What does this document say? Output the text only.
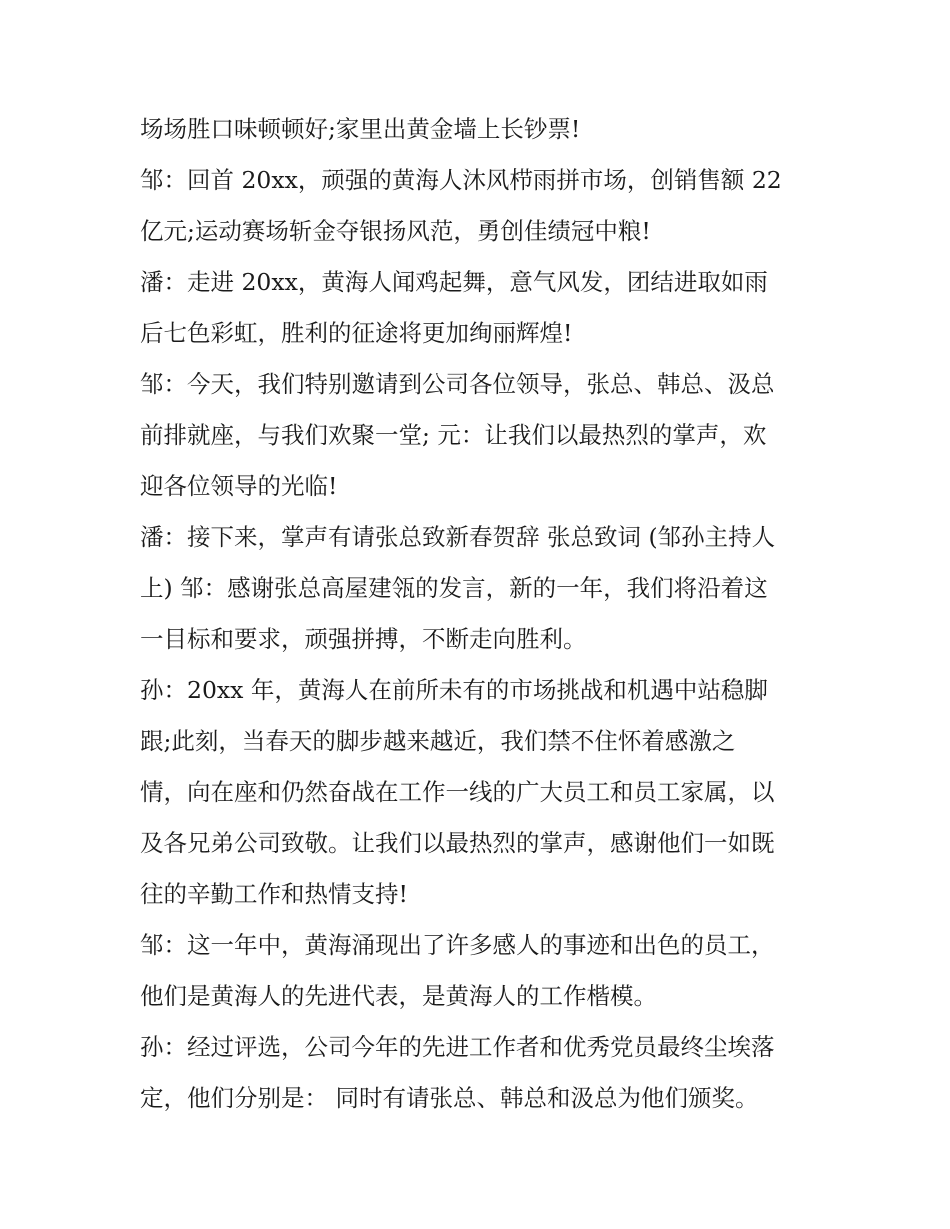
场场胜口味顿顿好;家里出黄金墙上长钞票!
邹：回首 20xx，顽强的黄海人沐风栉雨拼市场，创销售额 22
亿元;运动赛场斩金夺银扬风范，勇创佳绩冠中粮!
潘：走进 20xx，黄海人闻鸡起舞，意气风发，团结进取如雨
后七色彩虹，胜利的征途将更加绚丽辉煌!
邹：今天，我们特别邀请到公司各位领导，张总、韩总、汲总
前排就座，与我们欢聚一堂; 元：让我们以最热烈的掌声，欢
迎各位领导的光临!
潘：接下来，掌声有请张总致新春贺辞 张总致词 (邹孙主持人
上) 邹：感谢张总高屋建瓴的发言，新的一年，我们将沿着这
一目标和要求，顽强拼搏，不断走向胜利。
孙：20xx 年，黄海人在前所未有的市场挑战和机遇中站稳脚
跟;此刻，当春天的脚步越来越近，我们禁不住怀着感激之
情，向在座和仍然奋战在工作一线的广大员工和员工家属，以
及各兄弟公司致敬。让我们以最热烈的掌声，感谢他们一如既
往的辛勤工作和热情支持!
邹：这一年中，黄海涌现出了许多感人的事迹和出色的员工，
他们是黄海人的先进代表，是黄海人的工作楷模。
孙：经过评选，公司今年的先进工作者和优秀党员最终尘埃落
定，他们分别是： 同时有请张总、韩总和汲总为他们颁奖。
